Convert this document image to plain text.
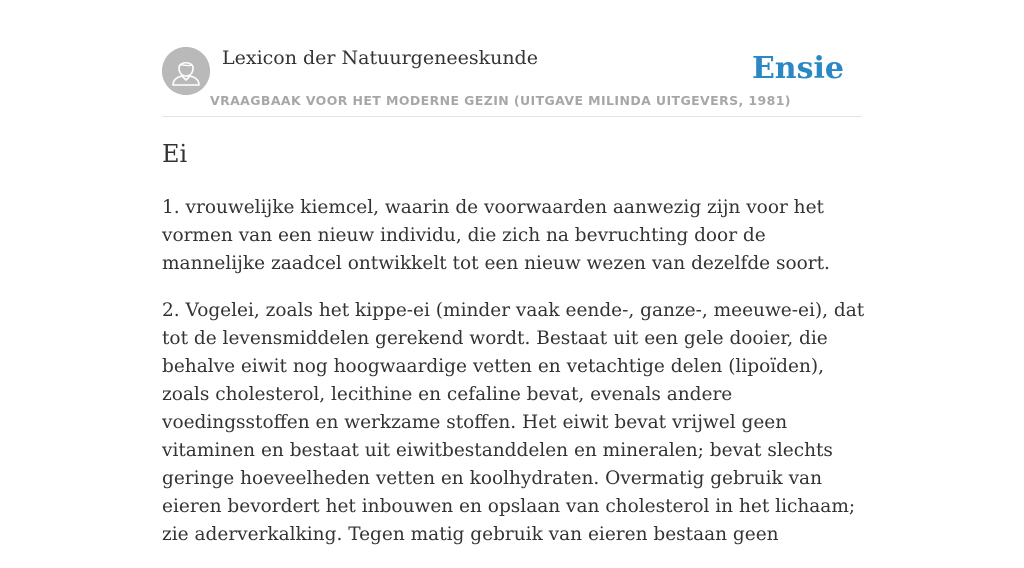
Lexicon der Natuurgeneeskunde
VRAAGBAAK VOOR HET MODERNE GEZIN (UITGAVE MILINDA UITGEVERS, 1981)
Ensie
Ei

1. vrouwelijke kiemcel, waarin de voorwaarden aanwezig zijn voor het vormen van een nieuw individu, die zich na bevruchting door de mannelijke zaadcel ontwikkelt tot een nieuw wezen van dezelfde soort.

2. Vogelei, zoals het kippe-ei (minder vaak eende-, ganze-, meeuwe-ei), dat tot de levensmiddelen gerekend wordt. Bestaat uit een gele dooier, die behalve eiwit nog hoogwaardige vetten en vetachtige delen (lipoïden), zoals cholesterol, lecithine en cefaline bevat, evenals andere voedingsstoffen en werkzame stoffen. Het eiwit bevat vrijwel geen vitaminen en bestaat uit eiwitbestanddelen en mineralen; bevat slechts geringe hoeveelheden vetten en koolhydraten. Overmatig gebruik van eieren bevordert het inbouwen en opslaan van cholesterol in het lichaam; zie aderverkalking. Tegen matig gebruik van eieren bestaan geen
